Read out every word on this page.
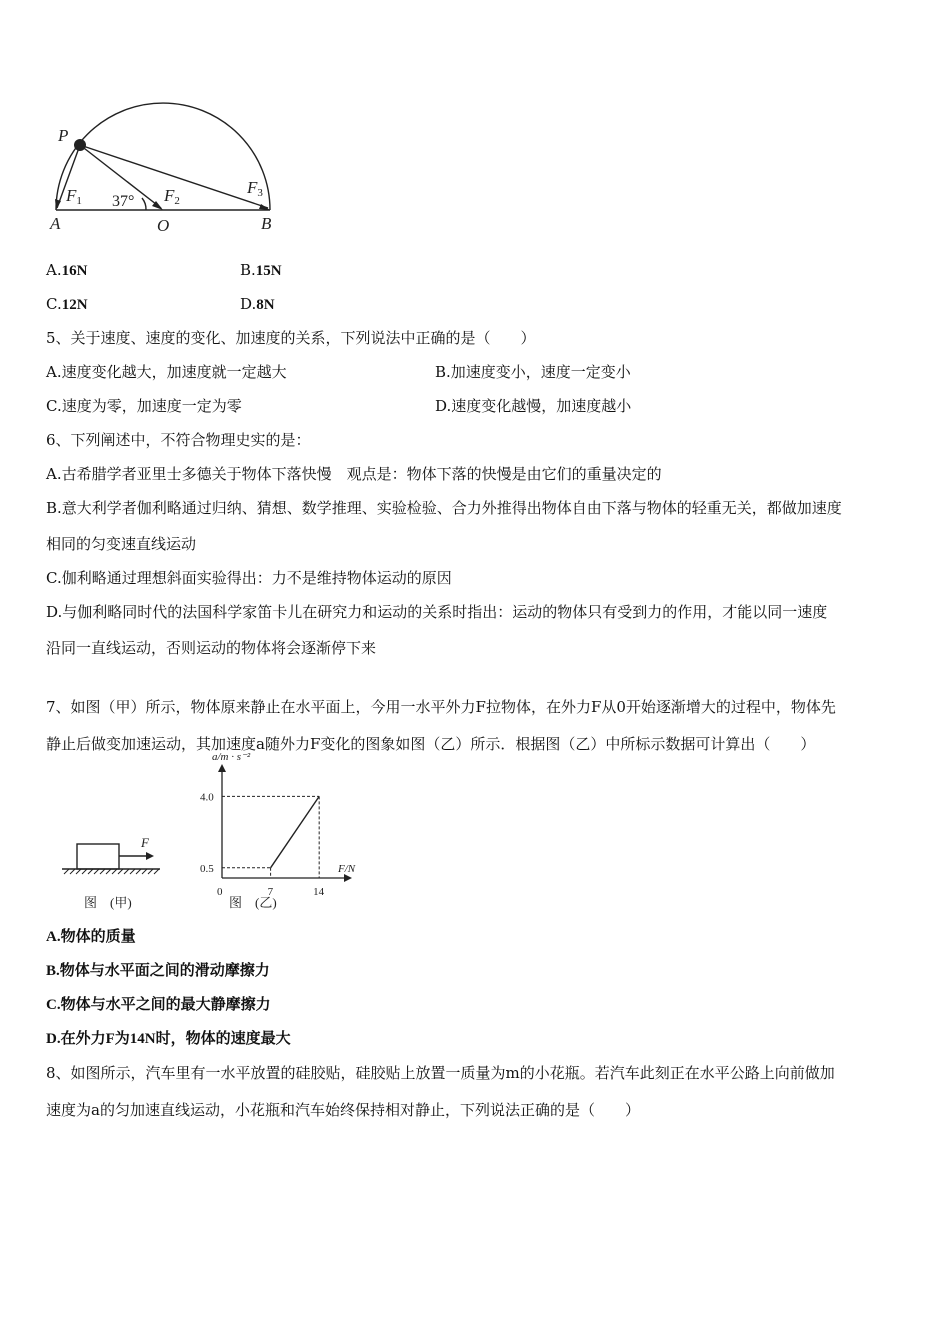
P
A	O	B
F1	F2
F3
37°
A.16N	B.15N
C.12N	D.8N
5、关于速度、速度的变化、加速度的关系，下列说法中正确的是（　　）
A.速度变化越大，加速度就一定越大	B.加速度变小，速度一定变小
C.速度为零，加速度一定为零	D.速度变化越慢，加速度越小
6、下列阐述中，不符合物理史实的是：
A.古希腊学者亚里士多德关于物体下落快慢　观点是：物体下落的快慢是由它们的重量决定的
B.意大利学者伽利略通过归纳、猜想、数学推理、实验检验、合力外推得出物体自由下落与物体的轻重无关，都做加速度
相同的匀变速直线运动
C.伽利略通过理想斜面实验得出：力不是维持物体运动的原因
D.与伽利略同时代的法国科学家笛卡儿在研究力和运动的关系时指出：运动的物体只有受到力的作用，才能以同一速度
沿同一直线运动，否则运动的物体将会逐渐停下来
7、如图（甲）所示，物体原来静止在水平面上，今用一水平外力F拉物体，在外力F从0开始逐渐增大的过程中，物体先
静止后做变加速运动，其加速度a随外力F变化的图象如图（乙）所示．根据图（乙）中所标示数据可计算出（　　）
F
图　(甲)
a/m · s⁻²
F/N
0	7	14
0.5
4.0
图　(乙)
A.物体的质量
B.物体与水平面之间的滑动摩擦力
C.物体与水平之间的最大静摩擦力
D.在外力F为14N时，物体的速度最大
8、如图所示，汽车里有一水平放置的硅胶贴，硅胶贴上放置一质量为m的小花瓶。若汽车此刻正在水平公路上向前做加
速度为a的匀加速直线运动，小花瓶和汽车始终保持相对静止，下列说法正确的是（　　）
